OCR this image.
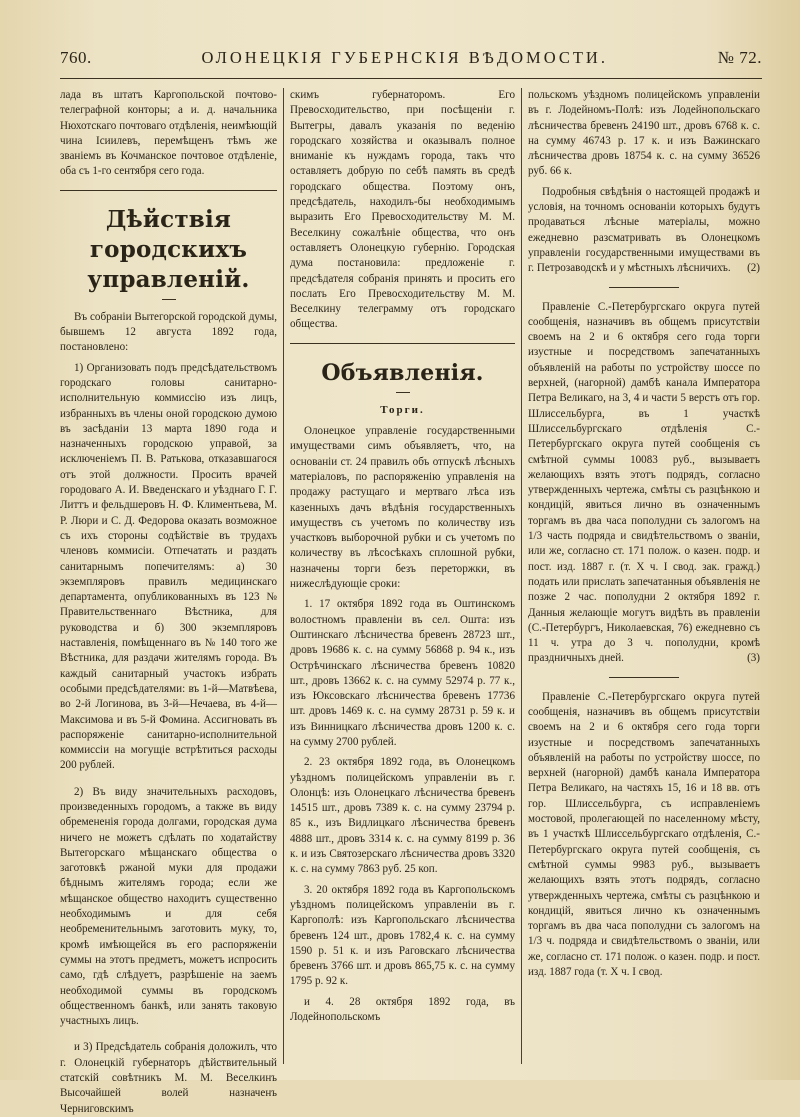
760.	ОЛОНЕЦКІЯ ГУБЕРНСКІЯ ВѢДОМОСТИ.	№ 72.

лада въ штатъ Каргопольской почтово-телеграфной конторы; а и. д. начальника Нюхотскаго почтоваго отдѣленія, неимѣющій чина Ісиилевъ, перемѣщенъ тѣмъ же званіемъ въ Кочманское почтовое отдѣленіе, оба съ 1-го сентября сего года.

Дѣйствія городскихъ управленій.

Въ собраніи Вытегорской городской думы, бывшемъ 12 августа 1892 года, постановлено:

1) Организовать подъ предсѣдательствомъ городскаго головы санитарно-исполнительную коммиссію изъ лицъ, избранныхъ въ члены оной городскою думою въ засѣданіи 13 марта 1890 года и назначенныхъ городскою управой, за исключеніемъ П. В. Ратькова, отказавшагося отъ этой должности. Просить врачей городоваго А. И. Введенскаго и уѣзднаго Г. Г. Литтъ и фельдшеровъ Н. Ф. Климентьева, М. Р. Люри и С. Д. Федорова оказать возможное съ ихъ стороны содѣйствіе въ трудахъ членовъ коммисіи. Отпечатать и раздать санитарнымъ попечителямъ: а) 30 экземпляровъ правилъ медицинскаго департамента, опубликованныхъ въ 123 № Правительственнаго Вѣстника, для руководства и б) 300 экземпляровъ наставленія, помѣщеннаго въ № 140 того же Вѣстника, для раздачи жителямъ города. Въ каждый санитарный участокъ избрать особыми предсѣдателями: въ 1-й—Матвѣева, во 2-й Логинова, въ 3-й—Нечаева, въ 4-й—Максимова и въ 5-й Фомина. Ассигновать въ распоряженіе санитарно-исполнительной коммиссіи на могущіе встрѣтиться расходы 200 рублей.

2) Въ виду значительныхъ расходовъ, произведенныхъ городомъ, а также въ виду обремененія города долгами, городская дума ничего не можетъ сдѣлать по ходатайству Вытегорскаго мѣщанскаго общества о заготовкѣ ржаной муки для продажи бѣднымъ жителямъ города; если же мѣщанское общество находитъ существенно необходимымъ и для себя необременительнымъ заготовить муку, то, кромѣ имѣющейся въ его распоряженіи суммы на этотъ предметъ, можетъ испросить само, гдѣ слѣдуетъ, разрѣшеніе на заемъ необходимой суммы въ городскомъ общественномъ банкѣ, или занять таковую участныхъ лицъ.

и 3) Предсѣдатель собранія доложилъ, что г. Олонецкій губернаторъ дѣйствительный статскій совѣтникъ М. М. Веселкинъ Высочайшей волей назначенъ Черниговскимъ

скимъ губернаторомъ. Его Превосходительство, при посѣщеніи г. Вытегры, давалъ указанія по веденію городскаго хозяйства и оказывалъ полное вниманіе къ нуждамъ города, такъ что оставляетъ добрую по себѣ память въ средѣ городскаго общества. Поэтому онъ, предсѣдатель, находилъ-бы необходимымъ выразить Его Превосходительству М. М. Веселкину сожалѣніе общества, что онъ оставляетъ Олонецкую губернію. Городская дума постановила: предложеніе г. предсѣдателя собранія принять и просить его послать Его Превосходительству М. М. Веселкину телеграмму отъ городскаго общества.

Объявленія.
Торги.

Олонецкое управленіе государственными имуществами симъ объявляетъ, что, на основаніи ст. 24 правилъ объ отпускѣ лѣсныхъ матеріаловъ, по распоряженію управленія на продажу растущаго и мертваго лѣса изъ казенныхъ дачъ вѣдѣнія государственныхъ имуществъ съ учетомъ по количеству изъ участковъ выборочной рубки и съ учетомъ по количеству въ лѣсосѣкахъ сплошной рубки, назначены торги безъ переторжки, въ нижеслѣдующіе сроки:

1. 17 октября 1892 года въ Оштинскомъ волостномъ правленіи въ сел. Ошта: изъ Оштинскаго лѣсничества бревенъ 28723 шт., дровъ 19686 к. с. на сумму 56868 р. 94 к., изъ Острѣчинскаго лѣсничества бревенъ 10820 шт., дровъ 13662 к. с. на сумму 52974 р. 77 к., изъ Юксовскаго лѣсничества бревенъ 17736 шт. дровъ 1469 к. с. на сумму 28731 р. 59 к. и изъ Винницкаго лѣсничества дровъ 1200 к. с. на сумму 2700 рублей.

2. 23 октября 1892 года, въ Олонецкомъ уѣздномъ полицейскомъ управленіи въ г. Олонцѣ: изъ Олонецкаго лѣсничества бревенъ 14515 шт., дровъ 7389 к. с. на сумму 23794 р. 85 к., изъ Видлицкаго лѣсничества бревенъ 4888 шт., дровъ 3314 к. с. на сумму 8199 р. 36 к. и изъ Святозерскаго лѣсничества дровъ 3320 к. с. на сумму 7863 руб. 25 коп.

3. 20 октября 1892 года въ Каргопольскомъ уѣздномъ полицейскомъ управленіи въ г. Каргополѣ: изъ Каргопольскаго лѣсничества бревенъ 124 шт., дровъ 1782,4 к. с. на сумму 1590 р. 51 к. и изъ Раговскаго лѣсничества бревенъ 3766 шт. и дровъ 865,75 к. с. на сумму 1795 р. 92 к.

и 4. 28 октября 1892 года, въ Лодейнопольскомъ

польскомъ уѣздномъ полицейскомъ управленіи въ г. Лодейномъ-Полѣ: изъ Лодейнопольскаго лѣсничества бревенъ 24190 шт., дровъ 6768 к. с. на сумму 46743 р. 17 к. и изъ Важинскаго лѣсничества дровъ 18754 к. с. на сумму 36526 руб. 66 к.

Подробныя свѣдѣнія о настоящей продажѣ и условія, на точномъ основаніи которыхъ будутъ продаваться лѣсные матеріалы, можно ежедневно разсматривать въ Олонецкомъ управленіи государственными имуществами въ г. Петрозаводскѣ и у мѣстныхъ лѣсничихъ.	(2)

Правленіе С.-Петербургскаго округа путей сообщенія, назначивъ въ общемъ присутствіи своемъ на 2 и 6 октября сего года торги изустные и посредствомъ запечатанныхъ объявленій на работы по устройству шоссе по верхней, (нагорной) дамбѣ канала Императора Петра Великаго, на 3, 4 и части 5 верстъ отъ гор. Шлиссельбурга, въ 1 участкѣ Шлиссельбургскаго отдѣленія С.-Петербургскаго округа путей сообщенія съ смѣтной суммы 10083 руб., вызываетъ желающихъ взять этотъ подрядъ, согласно утвержденныхъ чертежа, смѣты съ разцѣнкою и кондицій, явиться лично въ означеннымъ торгамъ въ два часа пополудни съ залогомъ на 1/3 часть подряда и свидѣтельствомъ о званіи, или же, согласно ст. 171 полож. о казен. подр. и пост. изд. 1887 г. (т. X ч. I свод. зак. гражд.) подать или прислать запечатанныя объявленія не позже 2 час. пополудни 2 октября 1892 г. Данныя желающіе могутъ видѣть въ правленіи (С.-Петербургъ, Николаевская, 76) ежедневно съ 11 ч. утра до 3 ч. пополудни, кромѣ праздничныхъ дней.	(3)

Правленіе С.-Петербургскаго округа путей сообщенія, назначивъ въ общемъ присутствіи своемъ на 2 и 6 октября сего года торги изустные и посредствомъ запечатанныхъ объявленій на работы по устройству шоссе, по верхней (нагорной) дамбѣ канала Императора Петра Великаго, на частяхъ 15, 16 и 18 вв. отъ гор. Шлиссельбурга, съ исправленіемъ мостовой, пролегающей по населенному мѣсту, въ 1 участкѣ Шлиссельбургскаго отдѣленія, С.-Петербургскаго округа путей сообщенія, съ смѣтной суммы 9983 руб., вызываетъ желающихъ взять этотъ подрядъ, согласно утвержденныхъ чертежа, смѣты съ разцѣнкою и кондицій, явиться лично къ означеннымъ торгамъ въ два часа пополудни съ залогомъ на 1/3 ч. подряда и свидѣтельствомъ о званіи, или же, согласно ст. 171 полож. о казен. подр. и пост. изд. 1887 года (т. X ч. I свод.
